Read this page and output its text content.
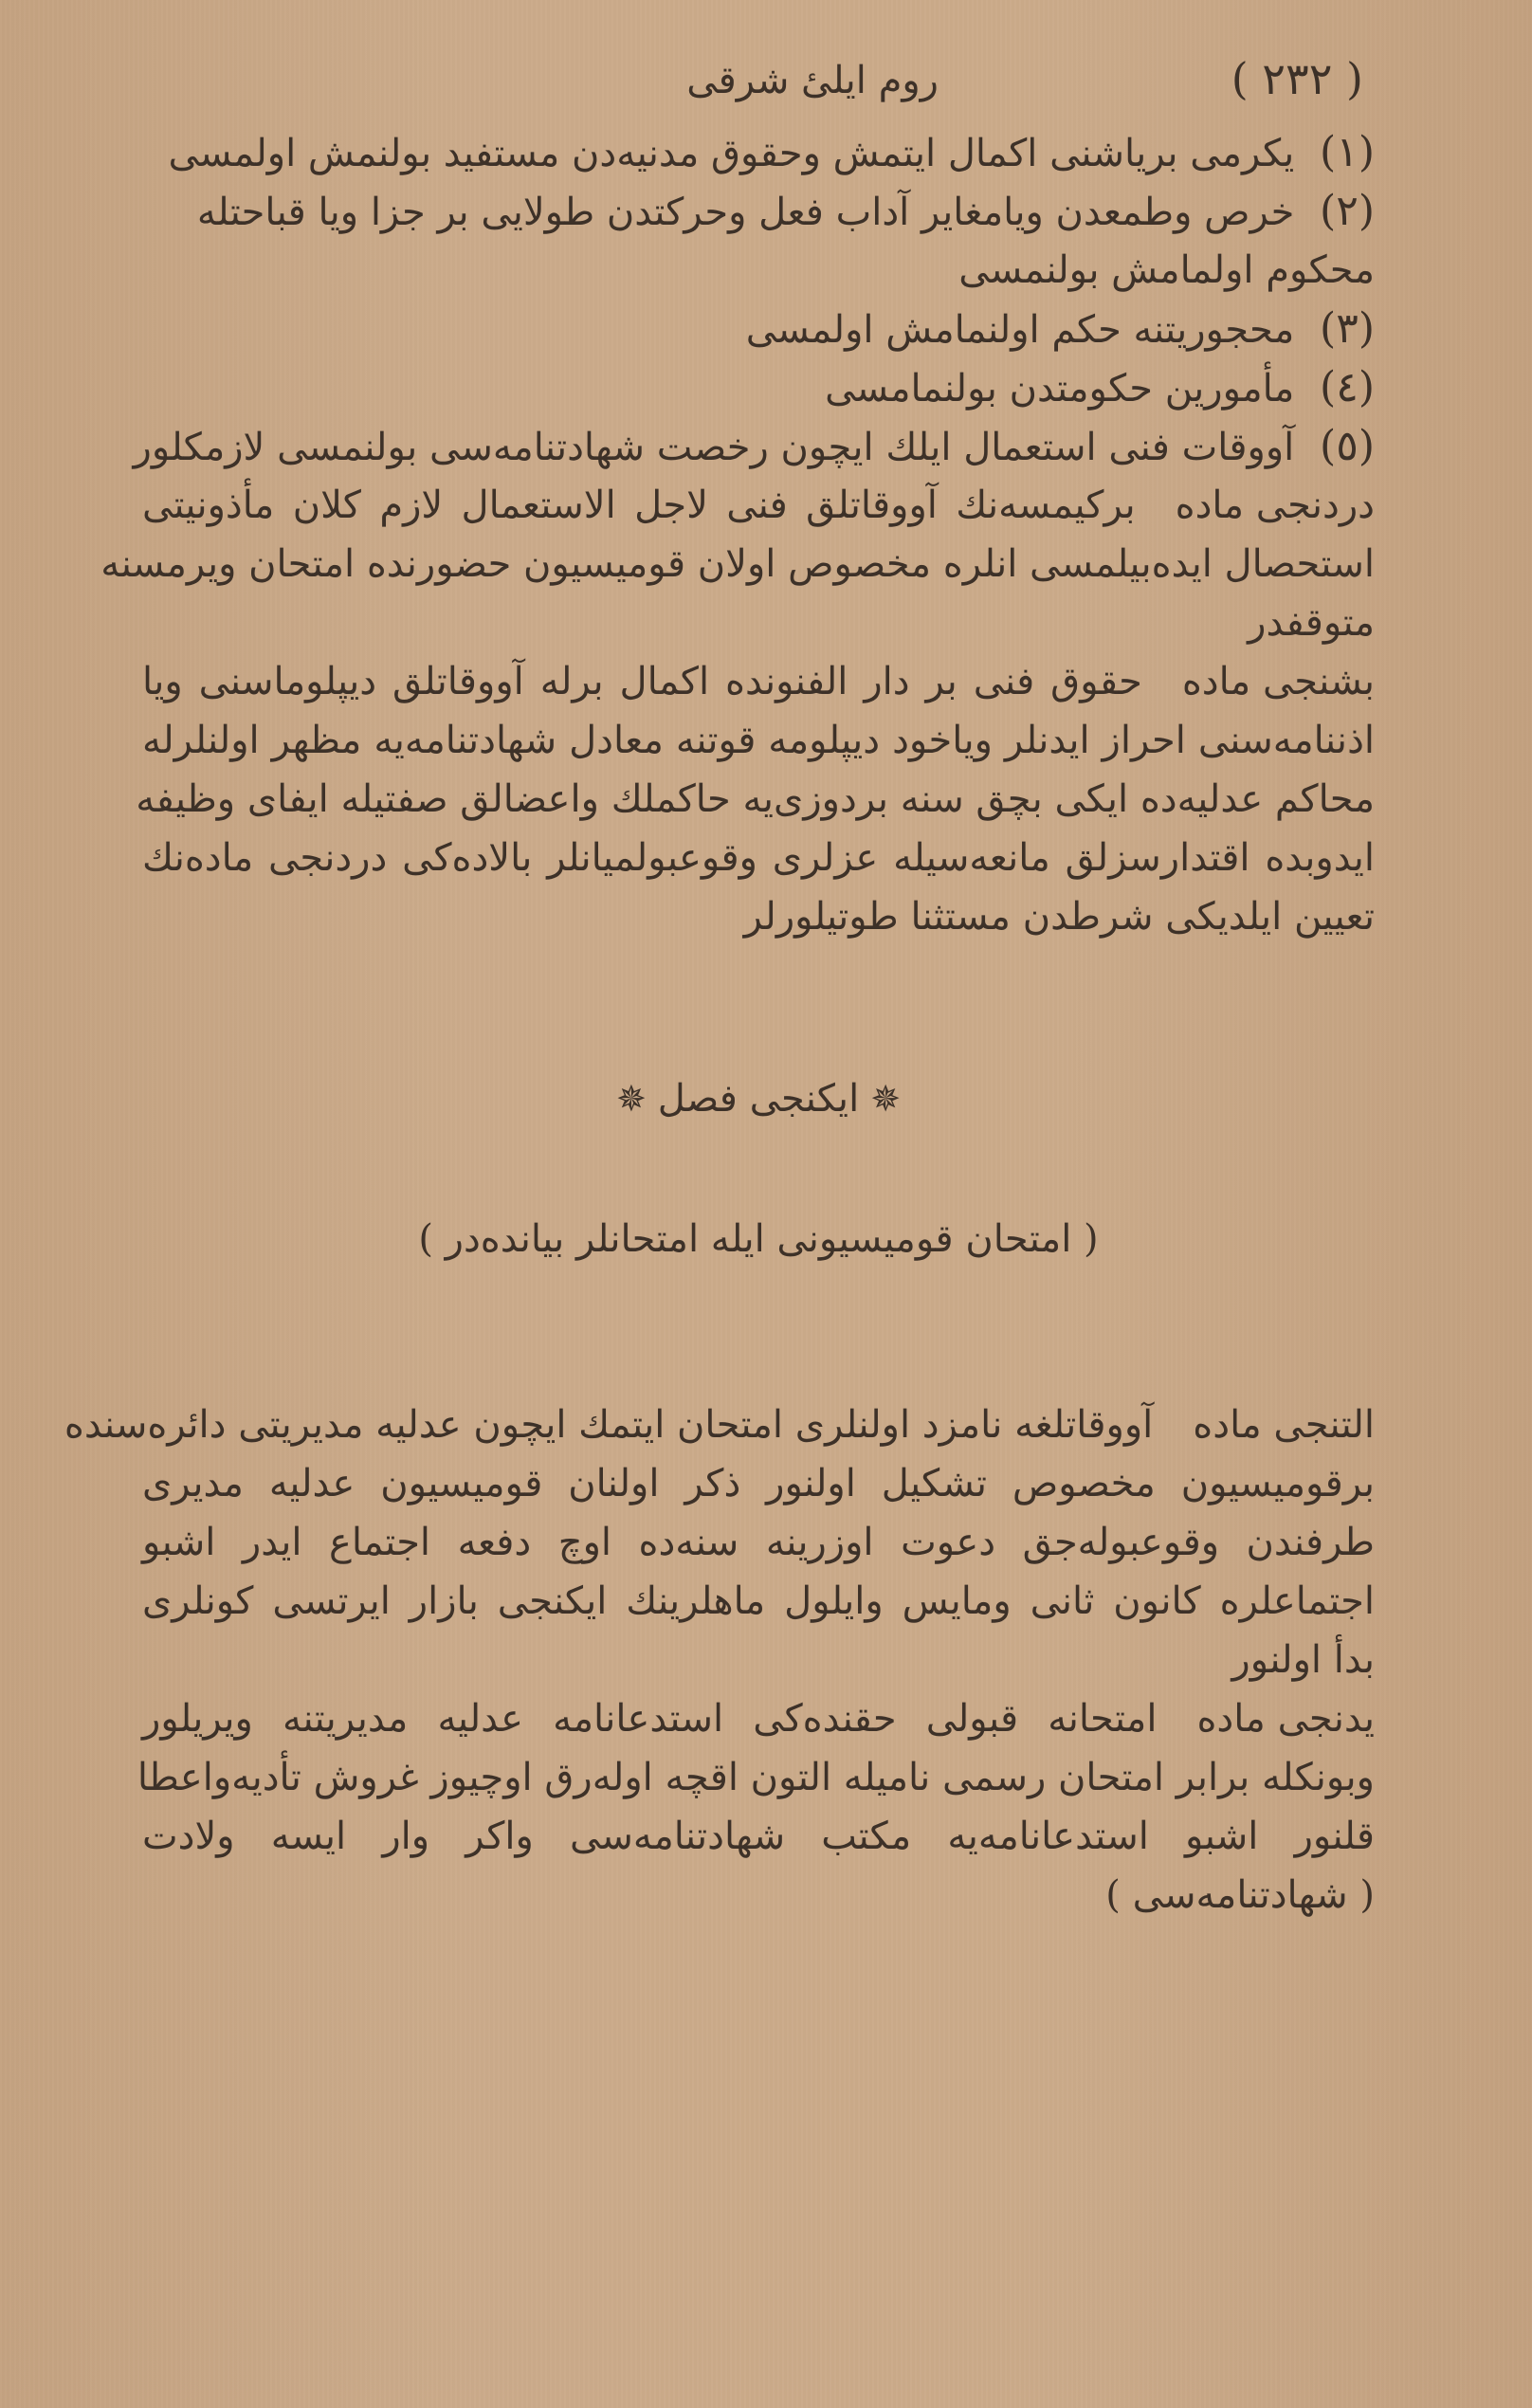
( ٢٣٢ )
روم ايلیٔ شرقی
(١) يكرمی برياشنی اكمال ايتمش وحقوق مدنيه‌دن مستفيد بولنمش اولمسی
(٢) خرص وطمعدن ويامغاير آداب فعل وحركتدن طولايی بر جزا ويا قباحتله
محكوم اولمامش بولنمسی
(٣) محجوريتنه حكم اولنمامش اولمسی
(٤) مأمورين حكومتدن بولنمامسی
(٥) آووقات فنی استعمال ايلك ايچون رخصت شهادتنامه‌سی بولنمسی لازمكلور
دردنجی مادهبركيمسه‌نك آووقاتلق فنی لاجل الاستعمال لازم كلان مأذونيتی
استحصال ايده‌بيلمسی انلره مخصوص اولان قوميسيون حضورنده امتحان ويرمسنه
متوقفدر
بشنجی مادهحقوق فنی بر دار الفنونده اكمال برله آووقاتلق ديپلوماسنی ويا
اذننامه‌سنی احراز ايدنلر وياخود ديپلومه قوتنه معادل شهادتنامه‌يه مظهر اولنلرله
محاكم عدليه‌ده ايكی بچق سنه بردوزی‌يه حاكملك واعضالق صفتيله ايفای وظيفه
ايدوبده اقتدارسزلق مانعه‌سيله عزلری وقوعبولميانلر بالاده‌كی دردنجی ماده‌نك
تعيين ايلديكی شرطدن مستثنا طوتيلورلر
✵ايكنجی فصل✵
( امتحان قوميسيونی ايله امتحانلر بيانده‌در )
التنجی مادهآووقاتلغه نامزد اولنلری امتحان ايتمك ايچون عدليه مديريتی دائره‌سنده
برقوميسيون مخصوص تشكيل اولنور ذكر اولنان قوميسيون عدليه مديری
طرفندن وقوعبوله‌جق دعوت اوزرينه سنه‌ده اوچ دفعه اجتماع ايدر اشبو
اجتماعلره كانون ثانی ومايس وايلول ماهلرينك ايكنجی بازار ايرتسی كونلری
بدأ اولنور
يدنجی مادهامتحانه قبولی حقنده‌كی استدعانامه عدليه مديريتنه ويريلور
وبونكله برابر امتحان رسمی ناميله التون اقچه اوله‌رق اوچيوز غروش تأديه‌واعطا
قلنور اشبو استدعانامه‌يه مكتب شهادتنامه‌سی واكر وار ايسه ولادت
( شهادتنامه‌سی )
